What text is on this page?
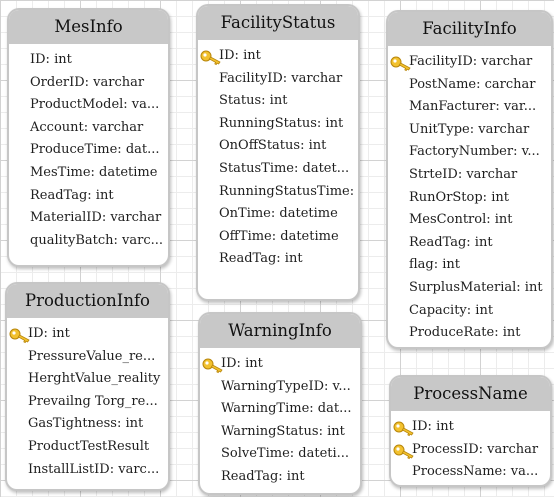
MesInfo
ID: int
OrderID: varchar
ProductModel: va...
Account: varchar
ProduceTime: dat...
MesTime: datetime
ReadTag: int
MaterialID: varchar
qualityBatch: varc...
FacilityStatus
ID: int
FacilityID: varchar
Status: int
RunningStatus: int
OnOffStatus: int
StatusTime: datet...
RunningStatusTime:
OnTime: datetime
OffTime: datetime
ReadTag: int
FacilityInfo
FacilityID: varchar
PostName: carchar
ManFacturer: var...
UnitType: varchar
FactoryNumber: v...
StrteID: varchar
RunOrStop: int
MesControl: int
ReadTag: int
flag: int
SurplusMaterial: int
Capacity: int
ProduceRate: int
ProductionInfo
ID: int
PressureValue_re...
HerghtValue_reality
Prevailng Torg_re...
GasTightness: int
ProductTestResult
InstallListID: varc...
WarningInfo
ID: int
WarningTypeID: v...
WarningTime: dat...
WarningStatus: int
SolveTime: dateti...
ReadTag: int
ProcessName
ID: int
ProcessID: varchar
ProcessName: va...
